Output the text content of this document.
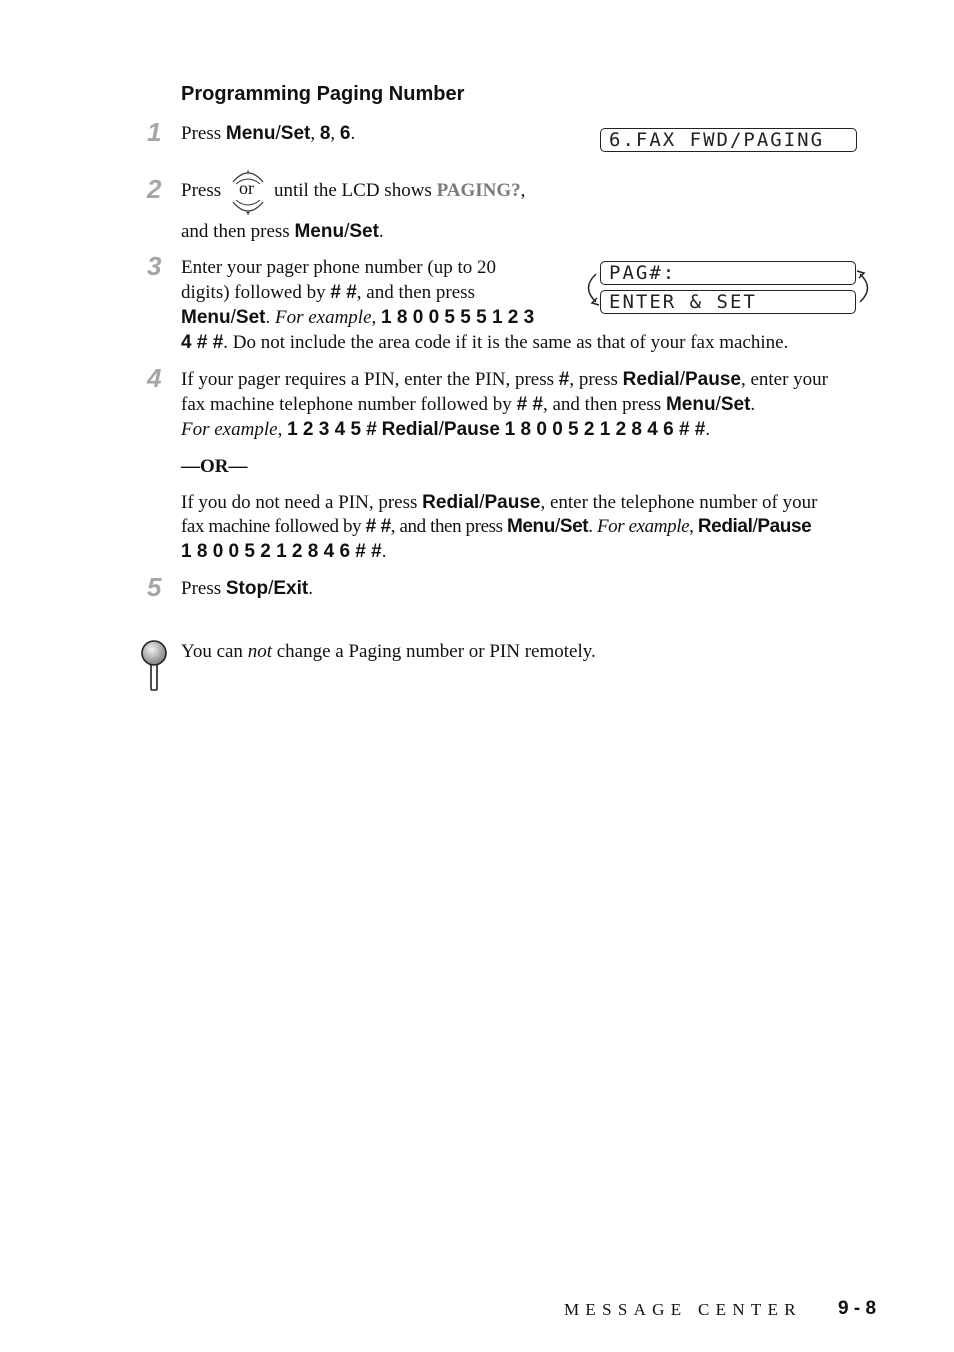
Programming Paging Number
1 Press Menu/Set, 8, 6.	6.FAX FWD/PAGING
2 Press
▲
▼
or until the LCD shows PAGING?,
and then press Menu/Set.
3 Enter your pager phone number (up to 20
digits) followed by # #, and then press
Menu/Set. For example, 1 8 0 0 5 5 5 1 2 3
4 # #. Do not include the area code if it is the same as that of your fax machine.
PAG#:
ENTER & SET
4 If your pager requires a PIN, enter the PIN, press #, press Redial/Pause, enter your
fax machine telephone number followed by # #, and then press Menu/Set.
For example, 1 2 3 4 5 # Redial/Pause 1 8 0 0 5 2 1 2 8 4 6 # #.
—OR—
If you do not need a PIN, press Redial/Pause, enter the telephone number of your
fax machine followed by # #, and then press Menu/Set. For example, Redial/Pause
1 8 0 0 5 2 1 2 8 4 6 # #.
5 Press Stop/Exit.
You can not change a Paging number or PIN remotely.
MESSAGE CENTER 9 - 8
